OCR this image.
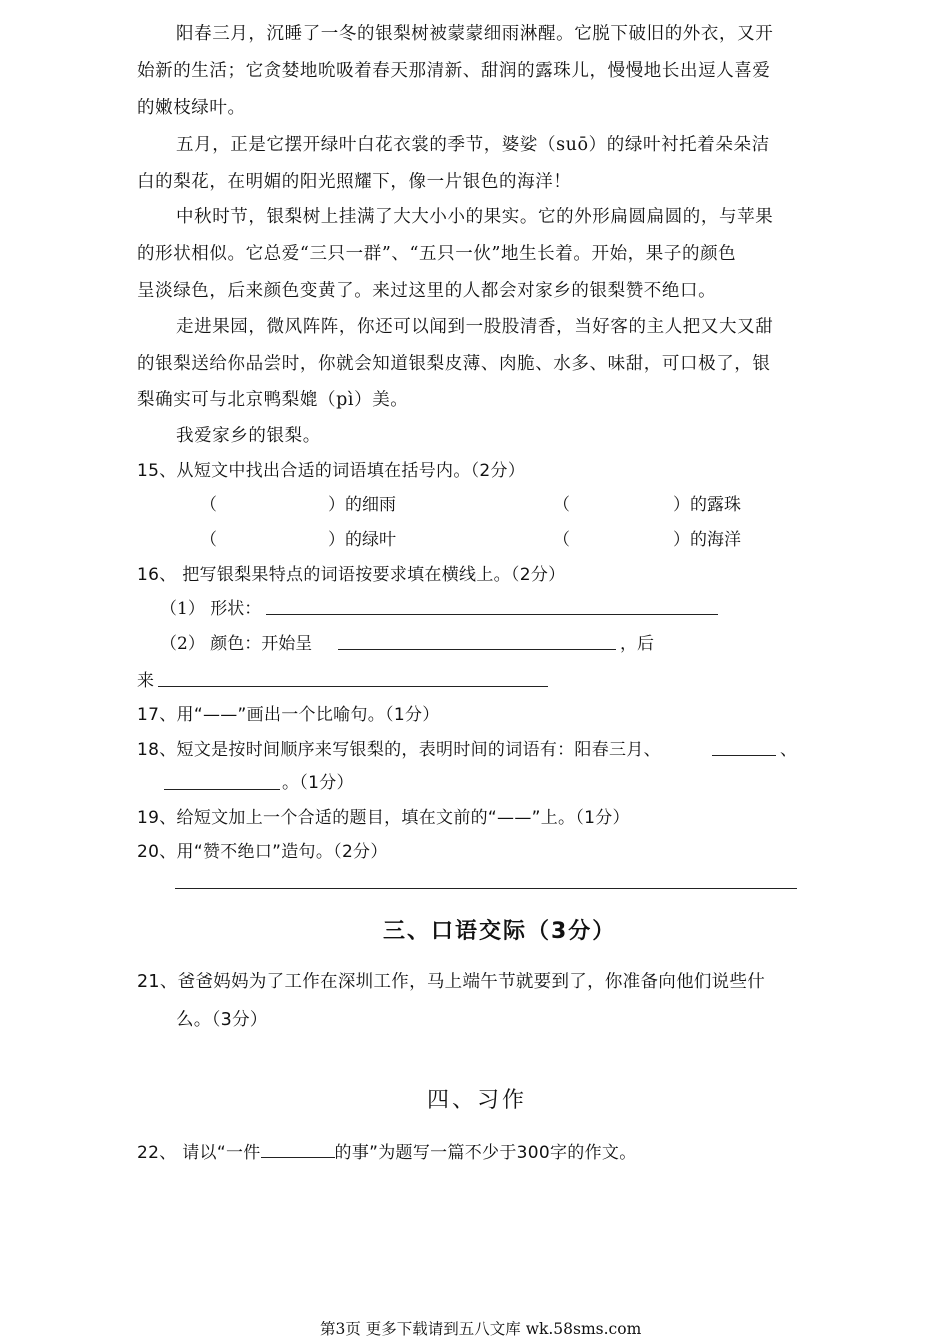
阳春三月，沉睡了一冬的银梨树被蒙蒙细雨淋醒。它脱下破旧的外衣，又开
始新的生活；它贪婪地吮吸着春天那清新、甜润的露珠儿，慢慢地长出逗人喜爱
的嫩枝绿叶。
五月，正是它摆开绿叶白花衣裳的季节，婆娑（suō）的绿叶衬托着朵朵洁
白的梨花，在明媚的阳光照耀下，像一片银色的海洋！
中秋时节，银梨树上挂满了大大小小的果实。它的外形扁圆扁圆的，与苹果
的形状相似。它总爱“三只一群”、“五只一伙”地生长着。开始，果子的颜色
呈淡绿色，后来颜色变黄了。来过这里的人都会对家乡的银梨赞不绝口。
走进果园，微风阵阵，你还可以闻到一股股清香，当好客的主人把又大又甜
的银梨送给你品尝时，你就会知道银梨皮薄、肉脆、水多、味甜，可口极了，银
梨确实可与北京鸭梨媲（pì）美。
我爱家乡的银梨。
15、从短文中找出合适的词语填在括号内。（2分）
（	）的细雨	（	）的露珠
（	）的绿叶	（	）的海洋
16、 把写银梨果特点的词语按要求填在横线上。（2分）
（1） 形状：
（2） 颜色：开始呈	，后
来
17、用“——”画出一个比喻句。（1分）
18、短文是按时间顺序来写银梨的，表明时间的词语有：阳春三月、	、
。（1分）
19、给短文加上一个合适的题目，填在文前的“——”上。（1分）
20、用“赞不绝口”造句。（2分）
三、口语交际（3分）
21、爸爸妈妈为了工作在深圳工作，马上端午节就要到了，你准备向他们说些什
么。（3分）
四、习作
22、 请以“一件	的事”为题写一篇不少于300字的作文。
第3页 更多下载请到五八文库 wk.58sms.com
